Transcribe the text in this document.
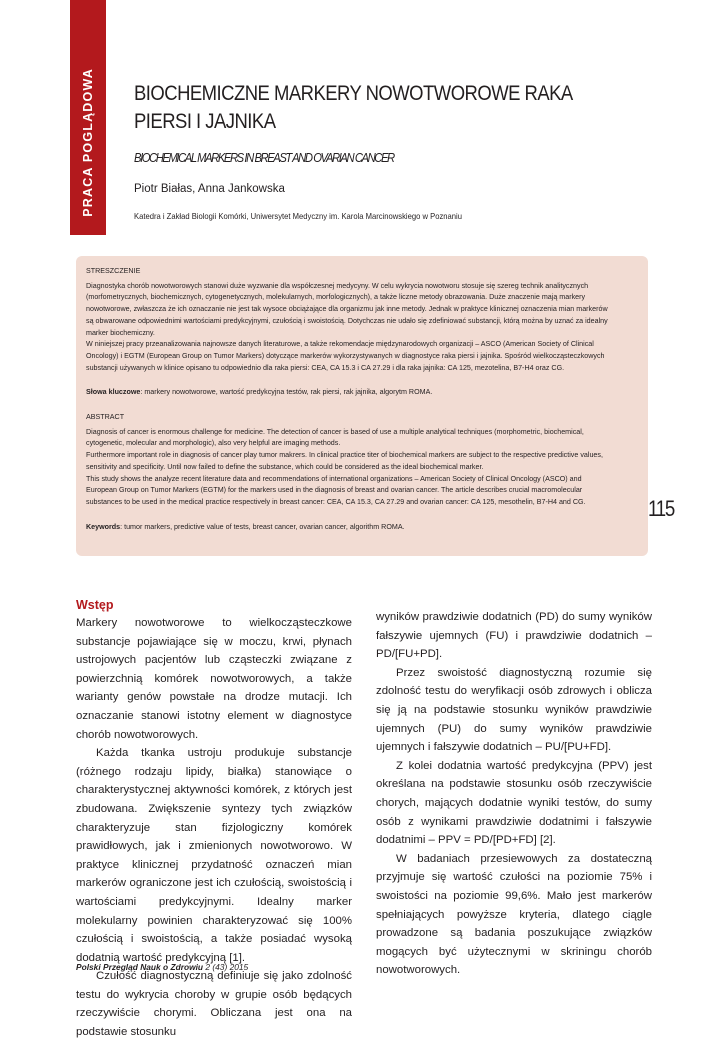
PRACA POGLĄDOWA BIOCHEMICZNE MARKERY NOWOTWOROWE RAKA PIERSI I JAJNIKA
BIOCHEMICAL MARKERS IN BREAST AND OVARIAN CANCER
Piotr Białas, Anna Jankowska
Katedra i Zakład Biologii Komórki, Uniwersytet Medyczny im. Karola Marcinowskiego w Poznaniu

STRESZCZENIE

Diagnostyka chorób nowotworowych stanowi duże wyzwanie dla współczesnej medycyny. W celu wykrycia nowotworu stosuje się szereg technik analitycznych (morfometrycznych, biochemicznych, cytogenetycznych, molekularnych, morfologicznych), a także liczne metody obrazowania. Duże znaczenie mają markery nowotworowe, zwłaszcza że ich oznaczanie nie jest tak wysoce obciążające dla organizmu jak inne metody. Jednak w praktyce klinicznej oznaczenia mian markerów są obwarowane odpowiednimi wartościami predykcyjnymi, czułością i swoistością. Dotychczas nie udało się zdefiniować substancji, którą można by uznać za idealny marker biochemiczny.

W niniejszej pracy przeanalizowania najnowsze danych literaturowe, a także rekomendacje międzynarodowych organizacji – ASCO (American Society of Clinical Oncology) i EGTM (European Group on Tumor Markers) dotyczące markerów wykorzystywanych w diagnostyce raka piersi i jajnika. Spośród wielkocząsteczkowych substancji używanych w klinice opisano tu odpowiednio dla raka piersi: CEA, CA 15.3 i CA 27.29 i dla raka jajnika: CA 125, mezotelina, B7-H4 oraz CG.

Słowa kluczowe: markery nowotworowe, wartość predykcyjna testów, rak piersi, rak jajnika, algorytm ROMA.

ABSTRACT

Diagnosis of cancer is enormous challenge for medicine. The detection of cancer is based of use a multiple analytical techniques (morphometric, biochemical, cytogenetic, molecular and morphologic), also very helpful are imaging methods.

Furthermore important role in diagnosis of cancer play tumor makrers. In clinical practice titer of biochemical markers are subject to the respective predictive values, sensitivity and specificity. Until now failed to define the substance, which could be considered as the ideal biochemical marker.

This study shows the analyze recent literature data and recommendations of international organizations – American Society of Clinical Oncology (ASCO) and European Group on Tumor Markers (EGTM) for the markers used in the diagnosis of breast and ovarian cancer. The article describes crucial macromolecular substances to be used in the medical practice respectively in breast cancer: CEA, CA 15.3, CA 27.29 and ovarian cancer: CA 125, mesothelin, B7-H4 and CG.

Keywords: tumor markers, predictive value of tests, breast cancer, ovarian cancer, algorithm ROMA.

115

Wstęp

Markery nowotworowe to wielkocząsteczkowe substancje pojawiające się w moczu, krwi, płynach ustrojowych pacjentów lub cząsteczki związane z powierzchnią komórek nowotworowych, a także warianty genów powstałe na drodze mutacji. Ich oznaczanie stanowi istotny element w diagnostyce chorób nowotworowych.

Każda tkanka ustroju produkuje substancje (różnego rodzaju lipidy, białka) stanowiące o charakterystycznej aktywności komórek, z których jest zbudowana. Zwiększenie syntezy tych związków charakteryzuje stan fizjologiczny komórek prawidłowych, jak i zmienionych nowotworowo. W praktyce klinicznej przydatność oznaczeń mian markerów ograniczone jest ich czułością, swoistością i wartościami predykcyjnymi. Idealny marker molekularny powinien charakteryzować się 100% czułością i swoistością, a także posiadać wysoką dodatnią wartość predykcyjną [1].

Czułość diagnostyczną definiuje się jako zdolność testu do wykrycia choroby w grupie osób będących rzeczywiście chorymi. Obliczana jest ona na podstawie stosunku

wyników prawdziwie dodatnich (PD) do sumy wyników fałszywie ujemnych (FU) i prawdziwie dodatnich – PD/[FU+PD].

Przez swoistość diagnostyczną rozumie się zdolność testu do weryfikacji osób zdrowych i oblicza się ją na podstawie stosunku wyników prawdziwie ujemnych (PU) do sumy wyników prawdziwie ujemnych i fałszywie dodatnich – PU/[PU+FD].

Z kolei dodatnia wartość predykcyjna (PPV) jest określana na podstawie stosunku osób rzeczywiście chorych, mających dodatnie wyniki testów, do sumy osób z wynikami prawdziwie dodatnimi i fałszywie dodatnimi – PPV = PD/[PD+FD] [2].

W badaniach przesiewowych za dostateczną przyjmuje się wartość czułości na poziomie 75% i swoistości na poziomie 99,6%. Mało jest markerów spełniających powyższe kryteria, dlatego ciągle prowadzone są badania poszukujące związków mogących być użytecznymi w skriningu chorób nowotworowych.

Polski Przegląd Nauk o Zdrowiu 2 (43) 2015
